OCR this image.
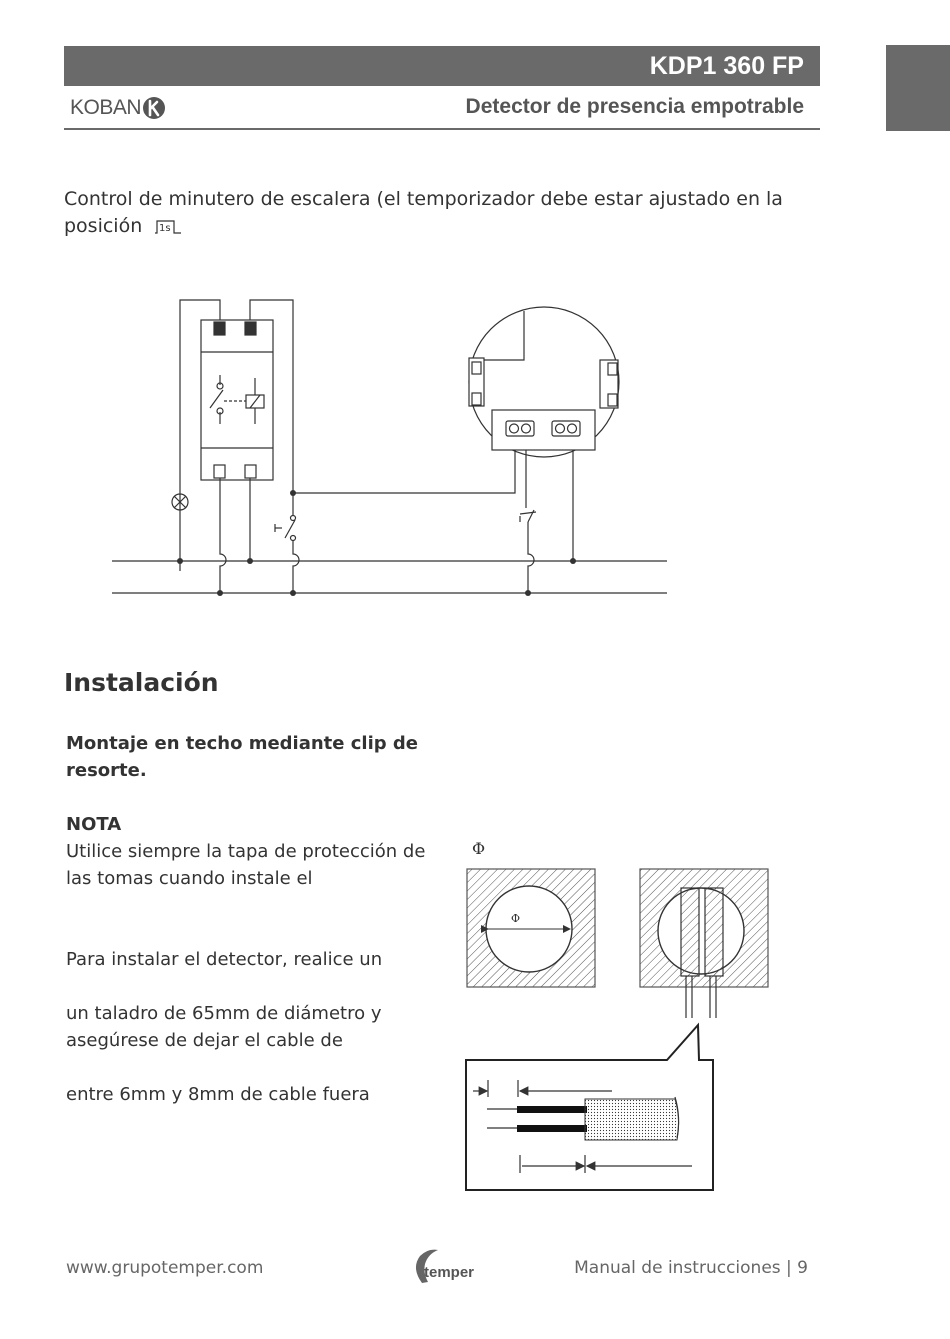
KDP1 360 FP
KOBAN	Detector de presencia empotrable
Control de minutero de escalera (el temporizador debe estar ajustado en la posición 1s
Instalación
Montaje en techo mediante clip de resorte.
NOTA
Utilice siempre la tapa de protección de las tomas cuando instale el
Para instalar el detector, realice un
un taladro de 65mm de diámetro y asegúrese de dejar el cable de
entre 6mm y 8mm de cable fuera
Φ
Φ
www.grupotemper.com	temper	Manual de instrucciones | 9
